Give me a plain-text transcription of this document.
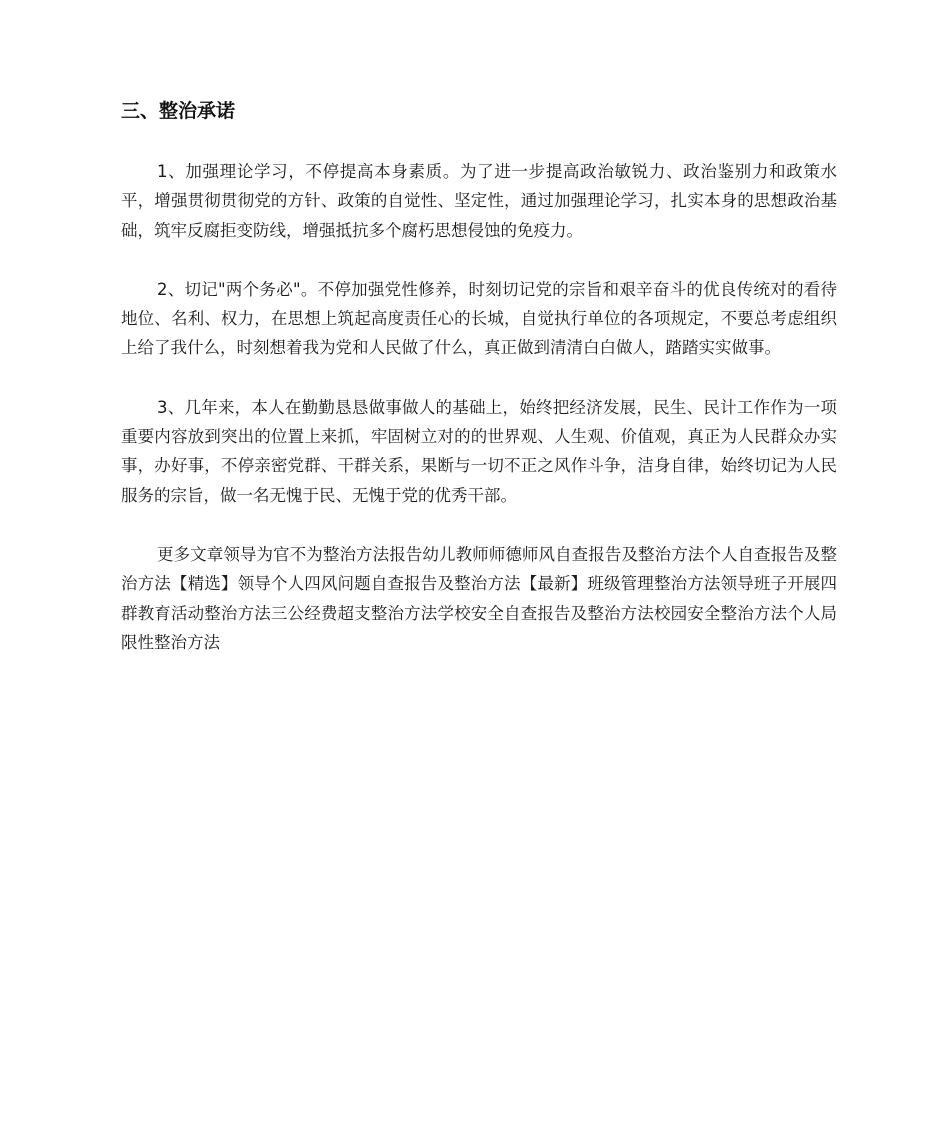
三、整治承诺

1、加强理论学习，不停提高本身素质。为了进一步提高政治敏锐力、政治鉴别力和政策水平，增强贯彻贯彻党的方针、政策的自觉性、坚定性，通过加强理论学习，扎实本身的思想政治基础，筑牢反腐拒变防线，增强抵抗多个腐朽思想侵蚀的免疫力。

2、切记"两个务必"。不停加强党性修养，时刻切记党的宗旨和艰辛奋斗的优良传统对的看待地位、名利、权力，在思想上筑起高度责任心的长城，自觉执行单位的各项规定，不要总考虑组织上给了我什么，时刻想着我为党和人民做了什么，真正做到清清白白做人，踏踏实实做事。

3、几年来，本人在勤勤恳恳做事做人的基础上，始终把经济发展，民生、民计工作作为一项重要内容放到突出的位置上来抓，牢固树立对的的世界观、人生观、价值观，真正为人民群众办实事，办好事，不停亲密党群、干群关系，果断与一切不正之风作斗争，洁身自律，始终切记为人民服务的宗旨，做一名无愧于民、无愧于党的优秀干部。

更多文章领导为官不为整治方法报告幼儿教师师德师风自查报告及整治方法个人自查报告及整治方法【精选】领导个人四风问题自查报告及整治方法【最新】班级管理整治方法领导班子开展四群教育活动整治方法三公经费超支整治方法学校安全自查报告及整治方法校园安全整治方法个人局限性整治方法
